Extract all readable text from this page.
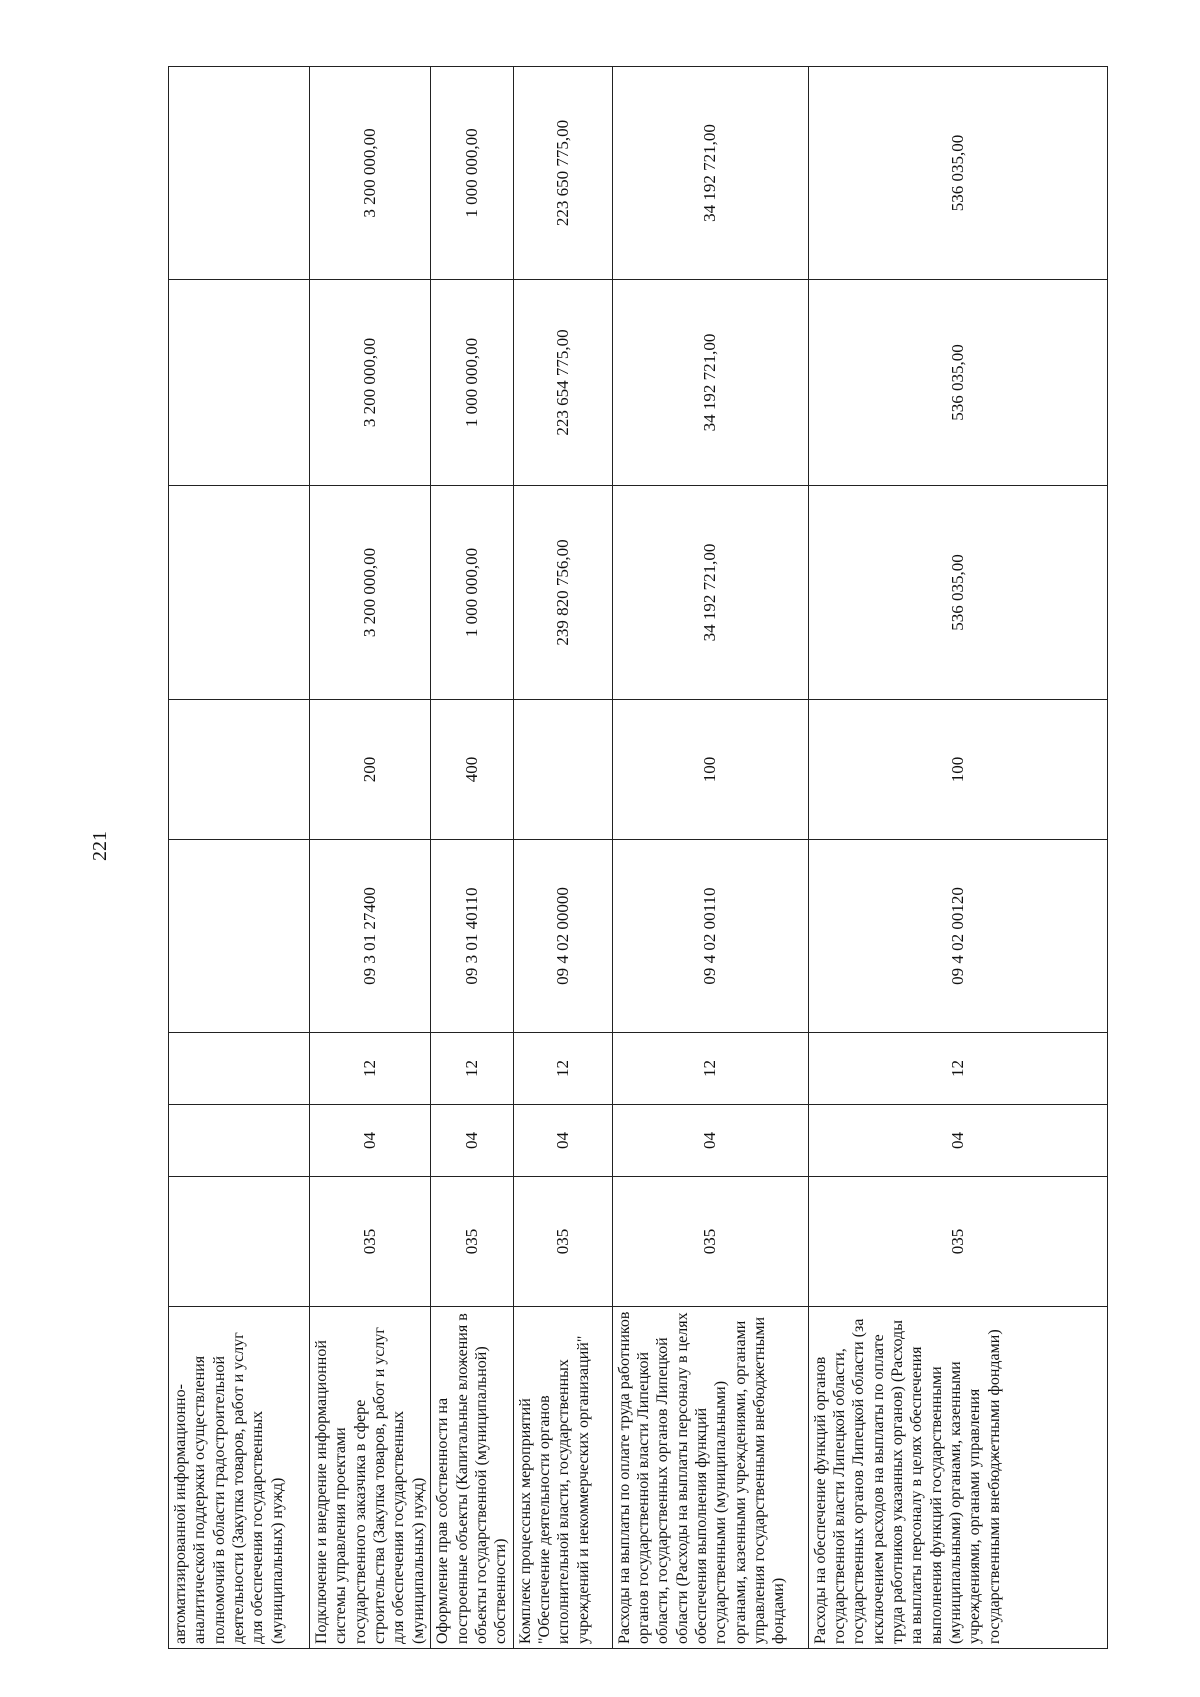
221
автоматизированной информационно-аналитической поддержки осуществления полномочий в области градостроительной деятельности (Закупка товаров, работ и услуг для обеспечения государственных (муниципальных) нужд)								
Подключение и внедрение информационной системы управления проектами государственного заказчика в сфере строительства (Закупка товаров, работ и услуг для обеспечения государственных (муниципальных) нужд)	035	04	12	09 3 01 27400	200	3 200 000,00	3 200 000,00	3 200 000,00
Оформление прав собственности на построенные объекты (Капитальные вложения в объекты государственной (муниципальной) собственности)	035	04	12	09 3 01 40110	400	1 000 000,00	1 000 000,00	1 000 000,00
Комплекс процессных мероприятий "Обеспечение деятельности органов исполнительной власти, государственных учреждений и некоммерческих организаций"	035	04	12	09 4 02 00000		239 820 756,00	223 654 775,00	223 650 775,00
Расходы на выплаты по оплате труда работников органов государственной власти Липецкой области, государственных органов Липецкой области (Расходы на выплаты персоналу в целях обеспечения выполнения функций государственными (муниципальными) органами, казенными учреждениями, органами управления государственными внебюджетными фондами)	035	04	12	09 4 02 00110	100	34 192 721,00	34 192 721,00	34 192 721,00
Расходы на обеспечение функций органов государственной власти Липецкой области, государственных органов Липецкой области (за исключением расходов на выплаты по оплате труда работников указанных органов) (Расходы на выплаты персоналу в целях обеспечения выполнения функций государственными (муниципальными) органами, казенными учреждениями, органами управления государственными внебюджетными фондами)	035	04	12	09 4 02 00120	100	536 035,00	536 035,00	536 035,00
